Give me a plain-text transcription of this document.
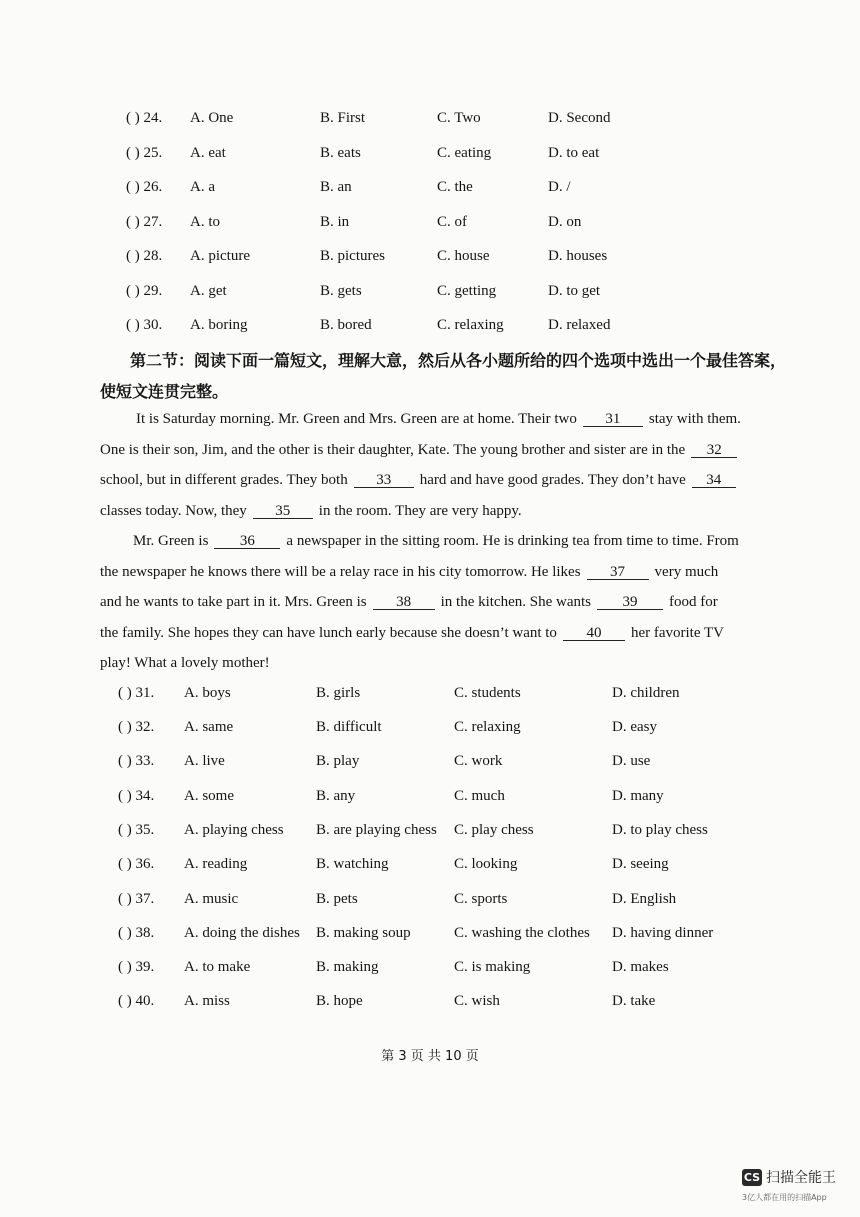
( ) 24. A. One	B. First	C. Two	D. Second
( ) 25. A. eat	B. eats	C. eating	D. to eat
( ) 26. A. a	B. an	C. the	D. /
( ) 27. A. to	B. in	C. of	D. on
( ) 28. A. picture	B. pictures	C. house	D. houses
( ) 29. A. get	B. gets	C. getting	D. to get
( ) 30. A. boring	B. bored	C. relaxing	D. relaxed
第二节：阅读下面一篇短文，理解大意，然后从各小题所给的四个选项中选出一个最佳答案，
使短文连贯完整。
It is Saturday morning. Mr. Green and Mrs. Green are at home. Their two 31 stay with them.
One is their son, Jim, and the other is their daughter, Kate. The young brother and sister are in the 32
school, but in different grades. They both 33 hard and have good grades. They don’t have 34
classes today. Now, they 35 in the room. They are very happy.
Mr. Green is 36 a newspaper in the sitting room. He is drinking tea from time to time. From
the newspaper he knows there will be a relay race in his city tomorrow. He likes 37 very much
and he wants to take part in it. Mrs. Green is 38 in the kitchen. She wants 39 food for
the family. She hopes they can have lunch early because she doesn’t want to 40 her favorite TV
play! What a lovely mother!
( ) 31. A. boys	B. girls	C. students	D. children
( ) 32. A. same	B. difficult	C. relaxing	D. easy
( ) 33. A. live	B. play	C. work	D. use
( ) 34. A. some	B. any	C. much	D. many
( ) 35. A. playing chess B. are playing chess C. play chess	D. to play chess
( ) 36. A. reading	B. watching	C. looking	D. seeing
( ) 37. A. music	B. pets	C. sports	D. English
( ) 38. A. doing the dishes B. making soup	C. washing the clothes D. having dinner
( ) 39. A. to make	B. making	C. is making	D. makes
( ) 40. A. miss	B. hope	C. wish	D. take
第 3 页 共 10 页
CS 扫描全能王
3亿人都在用的扫描App
